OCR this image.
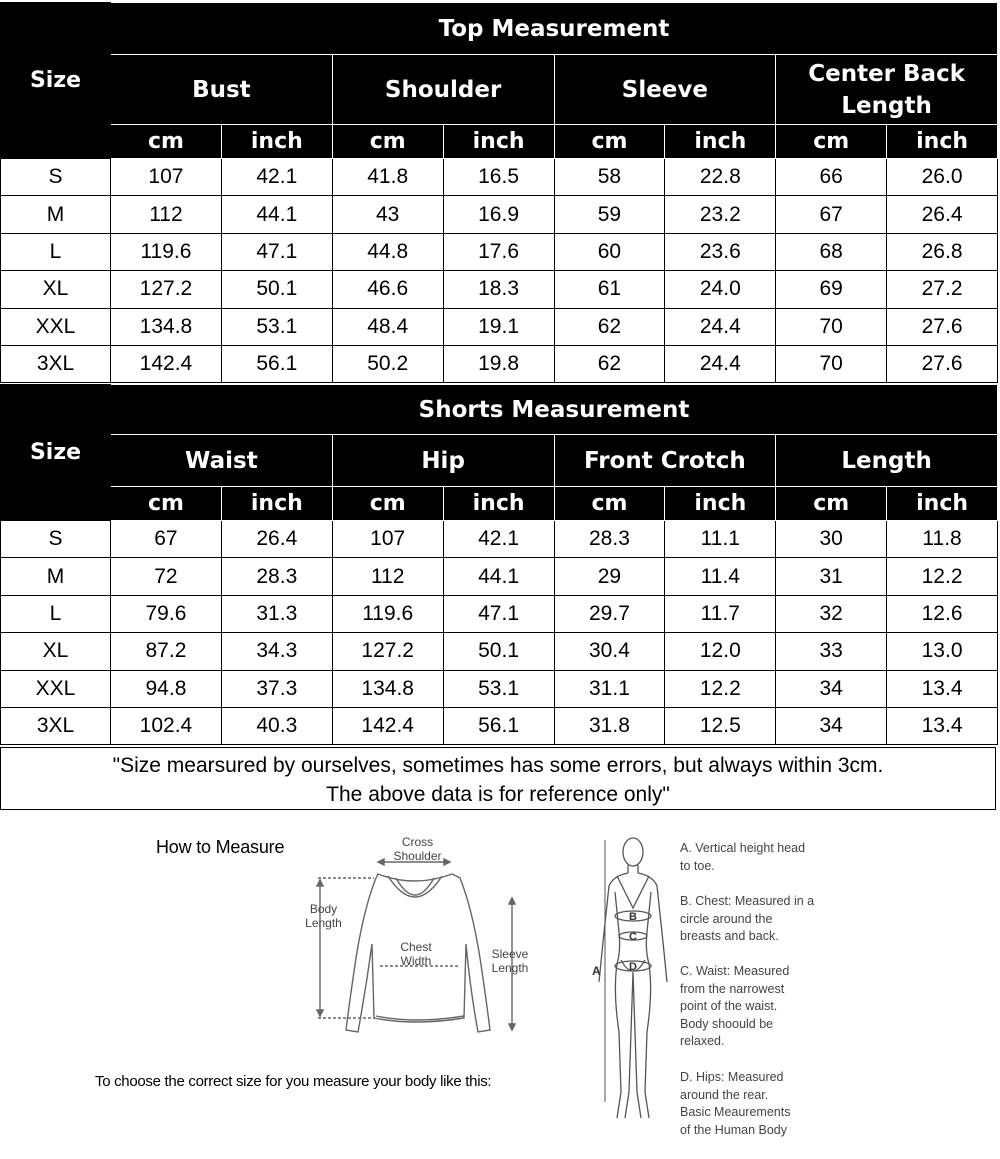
Size	Top Measurement							
	Bust		Shoulder		Sleeve		Center Back Length	
	cm	inch	cm	inch	cm	inch	cm	inch
S	107	42.1	41.8	16.5	58	22.8	66	26.0
M	112	44.1	43	16.9	59	23.2	67	26.4
L	119.6	47.1	44.8	17.6	60	23.6	68	26.8
XL	127.2	50.1	46.6	18.3	61	24.0	69	27.2
XXL	134.8	53.1	48.4	19.1	62	24.4	70	27.6
3XL	142.4	56.1	50.2	19.8	62	24.4	70	27.6
Size	Shorts Measurement							
	Waist		Hip		Front Crotch		Length	
	cm	inch	cm	inch	cm	inch	cm	inch
S	67	26.4	107	42.1	28.3	11.1	30	11.8
M	72	28.3	112	44.1	29	11.4	31	12.2
L	79.6	31.3	119.6	47.1	29.7	11.7	32	12.6
XL	87.2	34.3	127.2	50.1	30.4	12.0	33	13.0
XXL	94.8	37.3	134.8	53.1	31.1	12.2	34	13.4
3XL	102.4	40.3	142.4	56.1	31.8	12.5	34	13.4
"Size mearsured by ourselves, sometimes has some errors, but always within 3cm.
The above data is for reference only"
How to Measure	Cross
Shoulder
Body
Length
Chest
Width	Sleeve
Length
To choose the correct size for you measure your body like this:
A
B
C
D
A. Vertical height head
to toe.
B. Chest: Measured in a
circle around the
breasts and back.
C. Waist: Measured
from the narrowest
point of the waist.
Body shoould be
relaxed.
D. Hips: Measured
around the rear.
Basic Meaurements
of the Human Body
